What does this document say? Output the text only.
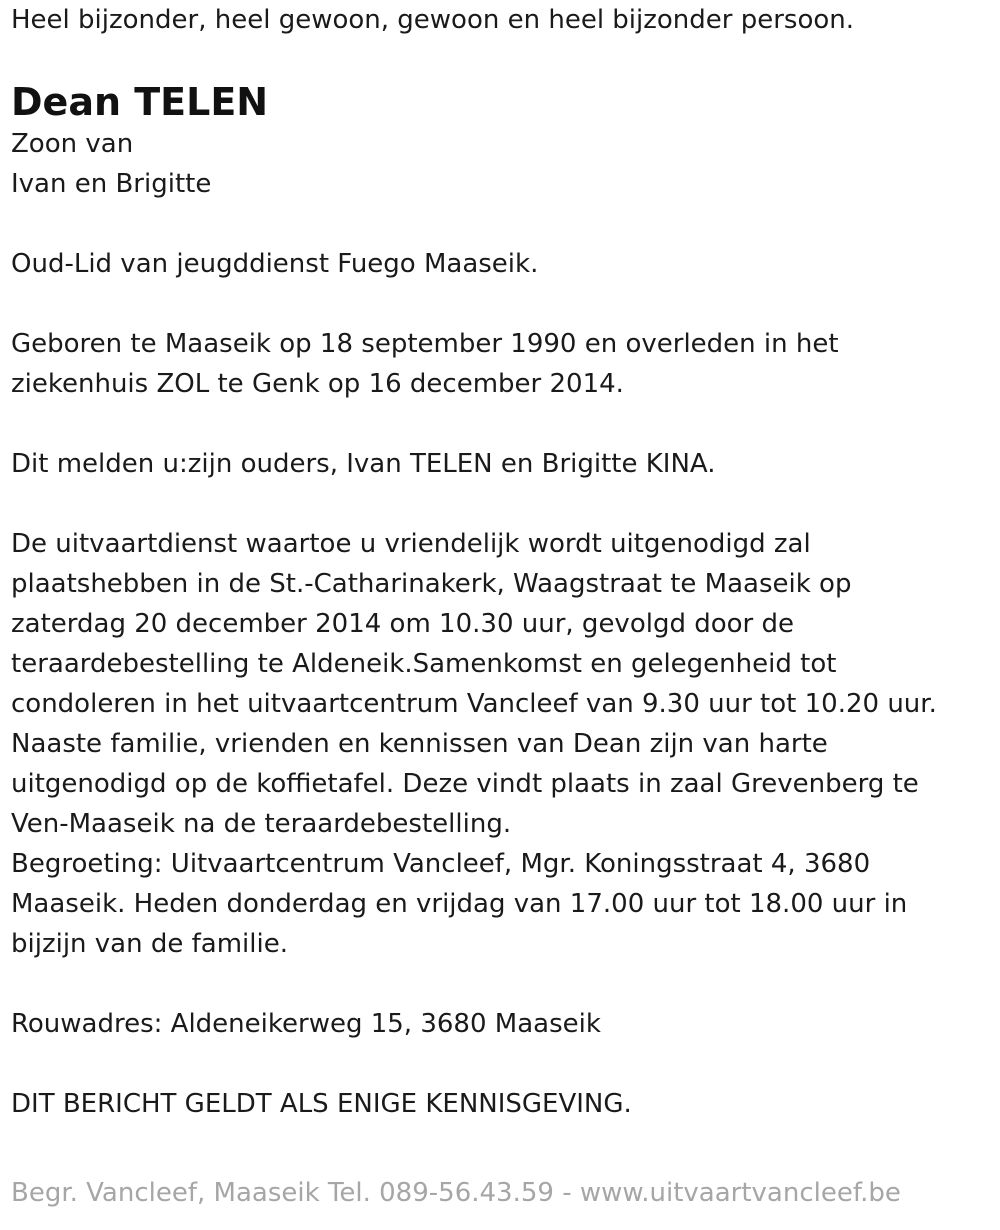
Heel bijzonder, heel gewoon, gewoon en heel bijzonder persoon.

Dean TELEN

Zoon van

Ivan en Brigitte

Oud-Lid van jeugddienst Fuego Maaseik.

Geboren te Maaseik op 18 september 1990 en overleden in het

ziekenhuis ZOL te Genk op 16 december 2014.

Dit melden u:zijn ouders, Ivan TELEN en Brigitte KINA.

De uitvaartdienst waartoe u vriendelijk wordt uitgenodigd zal

plaatshebben in de St.-Catharinakerk, Waagstraat te Maaseik op

zaterdag 20 december 2014 om 10.30 uur, gevolgd door de

teraardebestelling te Aldeneik.Samenkomst en gelegenheid tot

condoleren in het uitvaartcentrum Vancleef van 9.30 uur tot 10.20 uur.

Naaste familie, vrienden en kennissen van Dean zijn van harte

uitgenodigd op de koffietafel. Deze vindt plaats in zaal Grevenberg te

Ven-Maaseik na de teraardebestelling.

Begroeting: Uitvaartcentrum Vancleef, Mgr. Koningsstraat 4, 3680

Maaseik. Heden donderdag en vrijdag van 17.00 uur tot 18.00 uur in

bijzijn van de familie.

Rouwadres: Aldeneikerweg 15, 3680 Maaseik

DIT BERICHT GELDT ALS ENIGE KENNISGEVING.

Begr. Vancleef, Maaseik Tel. 089-56.43.59 - www.uitvaartvancleef.be
